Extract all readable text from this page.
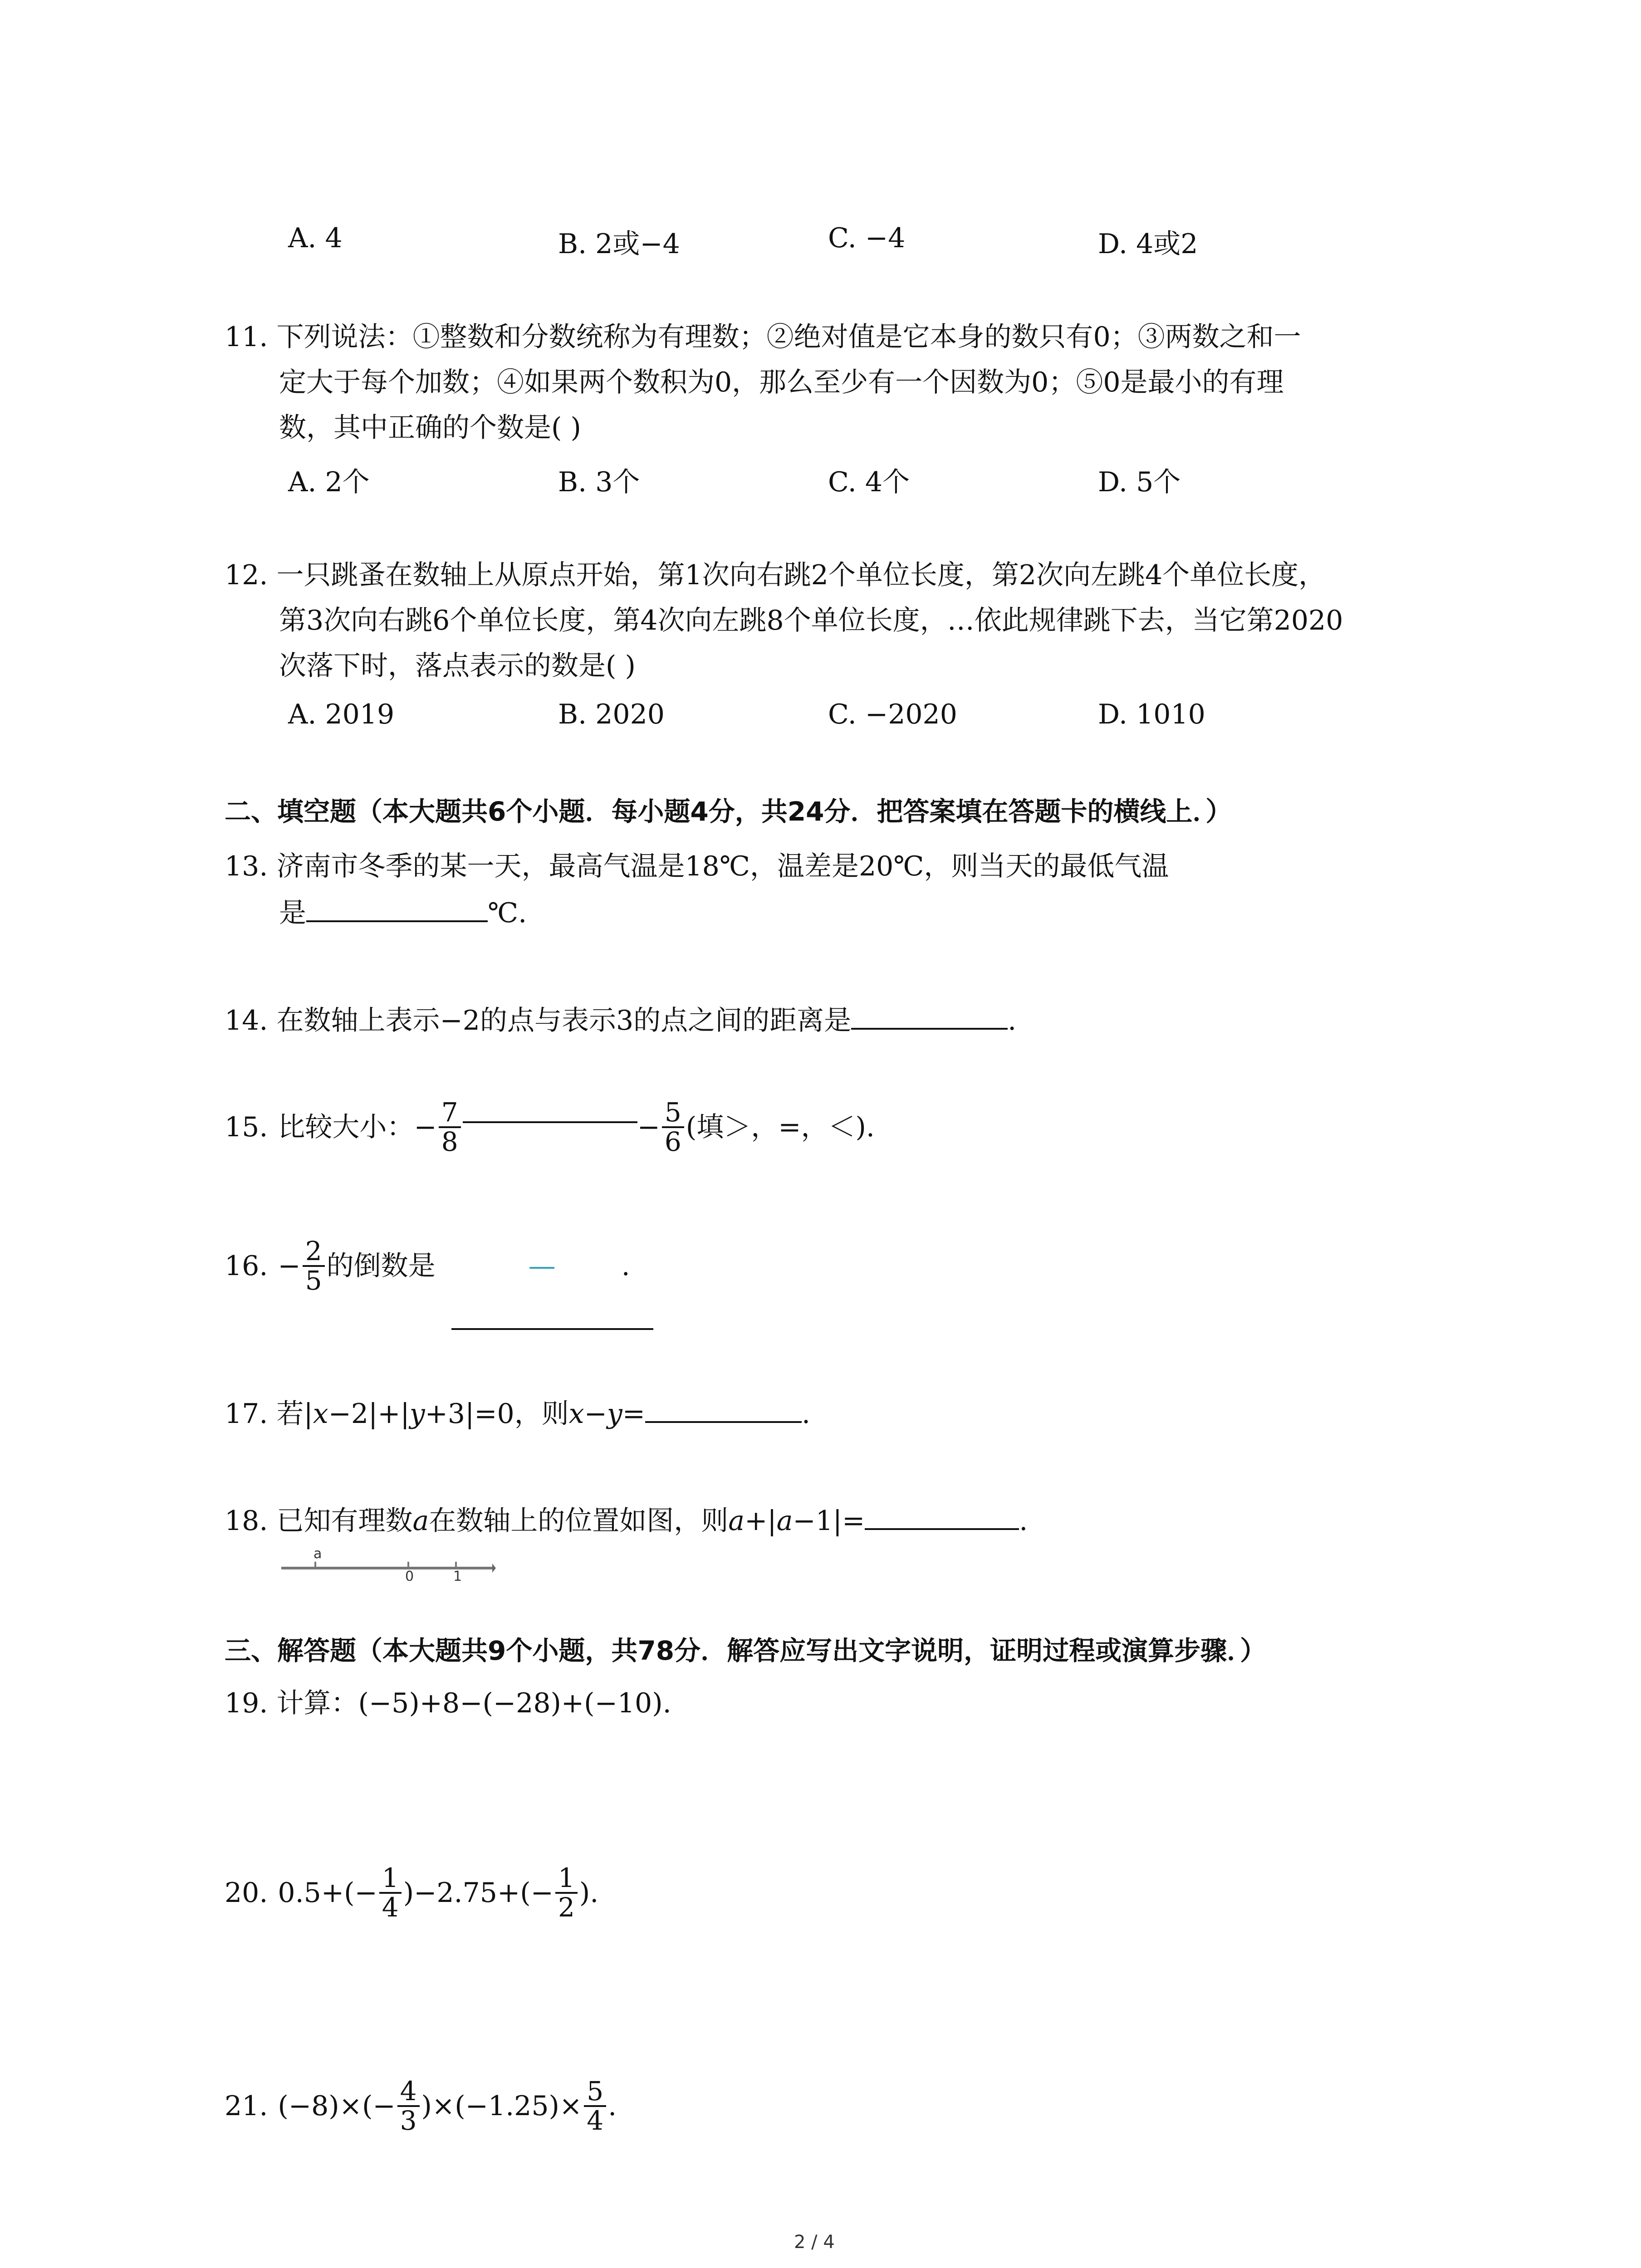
A. 4	B. 2或−4	C. −4	D. 4或2
11. 下列说法：①整数和分数统称为有理数；②绝对值是它本身的数只有0；③两数之和一
定大于每个加数；④如果两个数积为0，那么至少有一个因数为0；⑤0是最小的有理
数，其中正确的个数是( )
A. 2个	B. 3个	C. 4个	D. 5个
12. 一只跳蚤在数轴上从原点开始，第1次向右跳2个单位长度，第2次向左跳4个单位长度，
第3次向右跳6个单位长度，第4次向左跳8个单位长度，…依此规律跳下去，当它第2020
次落下时，落点表示的数是( )
A. 2019	B. 2020	C. −2020	D. 1010
二、填空题（本大题共6个小题．每小题4分，共24分．把答案填在答题卡的横线上．）
13. 济南市冬季的某一天，最高气温是18℃，温差是20℃，则当天的最低气温
是	℃.
14. 在数轴上表示−2的点与表示3的点之间的距离是	.
15. 比较大小： − $\frac{7}{8}$	− $\frac{5}{6}$ (填＞，=，＜).
16. − $\frac{2}{5}$ 的倒数是	— .
17. 若|x−2|+|y+3|=0，则x−y=	.
18. 已知有理数a在数轴上的位置如图，则a+|a−1|=	.
a
0	1
三、解答题（本大题共9个小题，共78分．解答应写出文字说明，证明过程或演算步骤．）
19. 计算：(−5)+8−(−28)+(−10).
20. $0.5+(- \frac{1}{4} )-2.75+(- \frac{1}{2}$ ).
21. $(-8)\times(- \frac{4}{3} )\times(-1.25)\times \frac{5}{4}$ .
2 / 4
